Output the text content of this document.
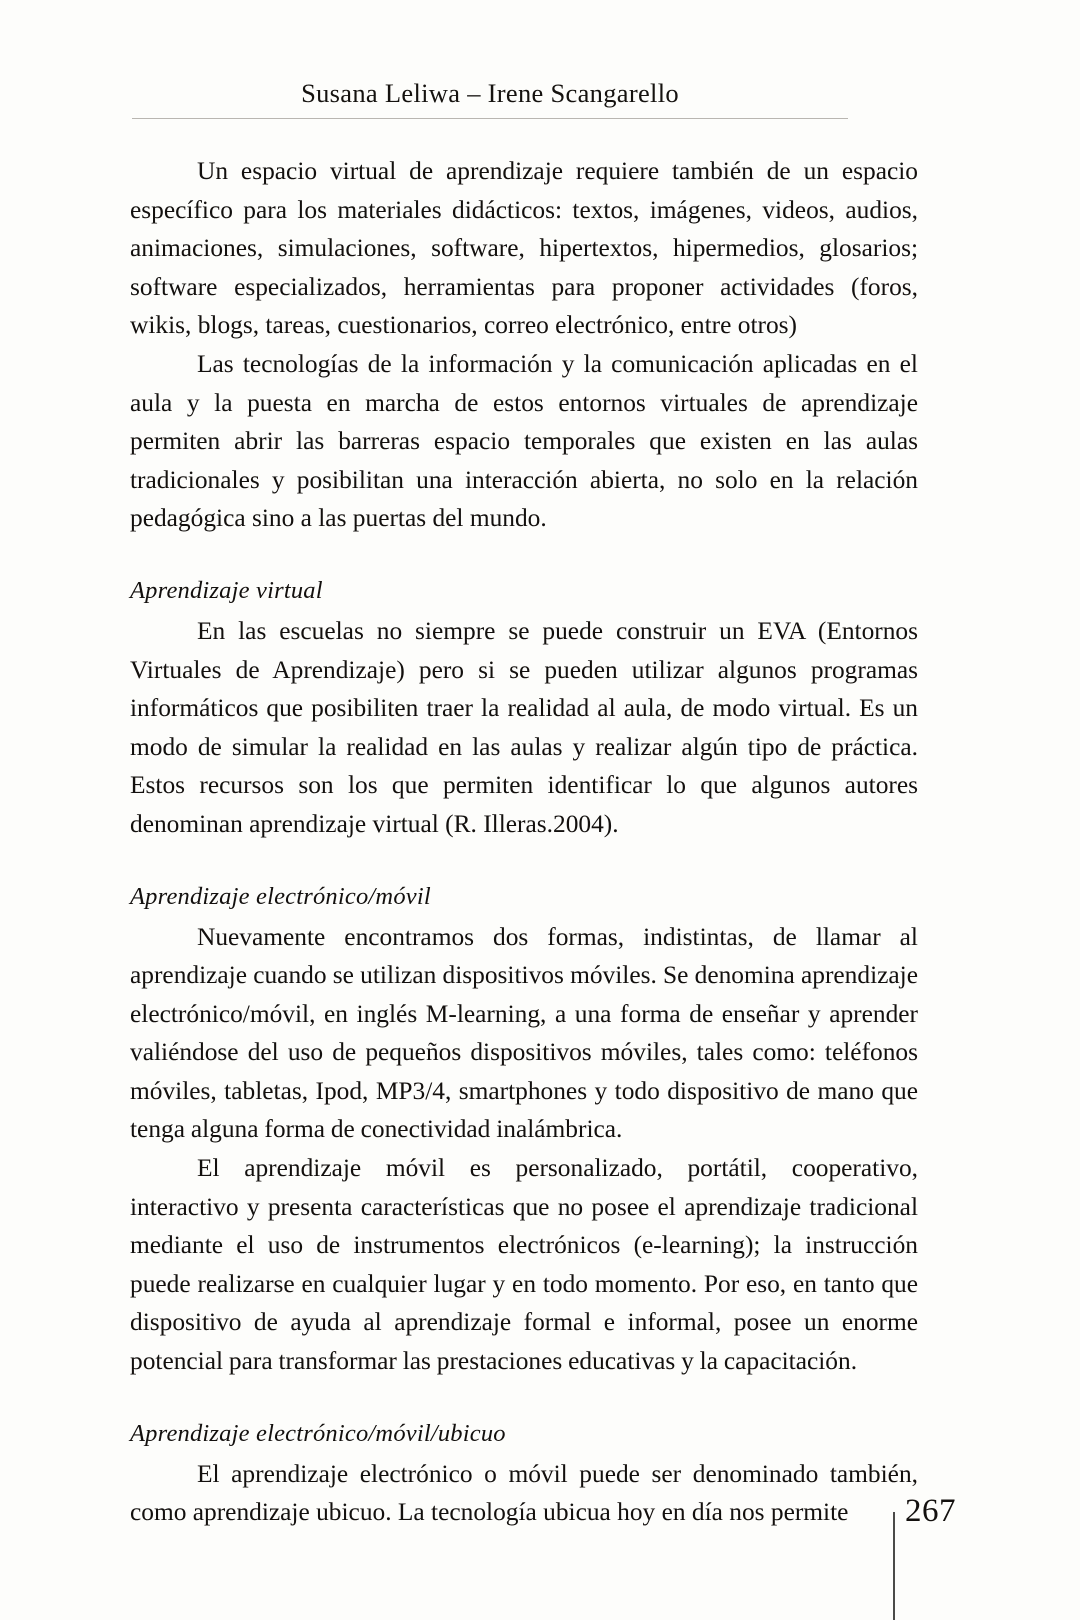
Susana Leliwa – Irene Scangarello

Un espacio virtual de aprendizaje requiere también de un espacio específico para los materiales didácticos: textos, imágenes, videos, audios, animaciones, simulaciones, software, hipertextos, hipermedios, glosarios; software especializados, herramientas para proponer actividades (foros, wikis, blogs, tareas, cuestionarios, correo electrónico, entre otros)

Las tecnologías de la información y la comunicación aplicadas en el aula y la puesta en marcha de estos entornos virtuales de aprendizaje permiten abrir las barreras espacio temporales que existen en las aulas tradicionales y posibilitan una interacción abierta, no solo en la relación pedagógica sino a las puertas del mundo.

Aprendizaje virtual

En las escuelas no siempre se puede construir un EVA (Entornos Virtuales de Aprendizaje) pero si se pueden utilizar algunos programas informáticos que posibiliten traer la realidad al aula, de modo virtual. Es un modo de simular la realidad en las aulas y realizar algún tipo de práctica. Estos recursos son los que permiten identificar lo que algunos autores denominan aprendizaje virtual (R. Illeras.2004).

Aprendizaje electrónico/móvil

Nuevamente encontramos dos formas, indistintas, de llamar al aprendizaje cuando se utilizan dispositivos móviles. Se denomina aprendizaje electrónico/móvil, en inglés M-learning, a una forma de enseñar y aprender valiéndose del uso de pequeños dispositivos móviles, tales como: teléfonos móviles, tabletas, Ipod, MP3/4, smartphones y todo dispositivo de mano que tenga alguna forma de conectividad inalámbrica.

El aprendizaje móvil es personalizado, portátil, cooperativo, interactivo y presenta características que no posee el aprendizaje tradicional mediante el uso de instrumentos electrónicos (e-learning); la instrucción puede realizarse en cualquier lugar y en todo momento. Por eso, en tanto que dispositivo de ayuda al aprendizaje formal e informal, posee un enorme potencial para transformar las prestaciones educativas y la capacitación.

Aprendizaje electrónico/móvil/ubicuo

El aprendizaje electrónico o móvil puede ser denominado también, como aprendizaje ubicuo. La tecnología ubicua hoy en día nos permite	267
